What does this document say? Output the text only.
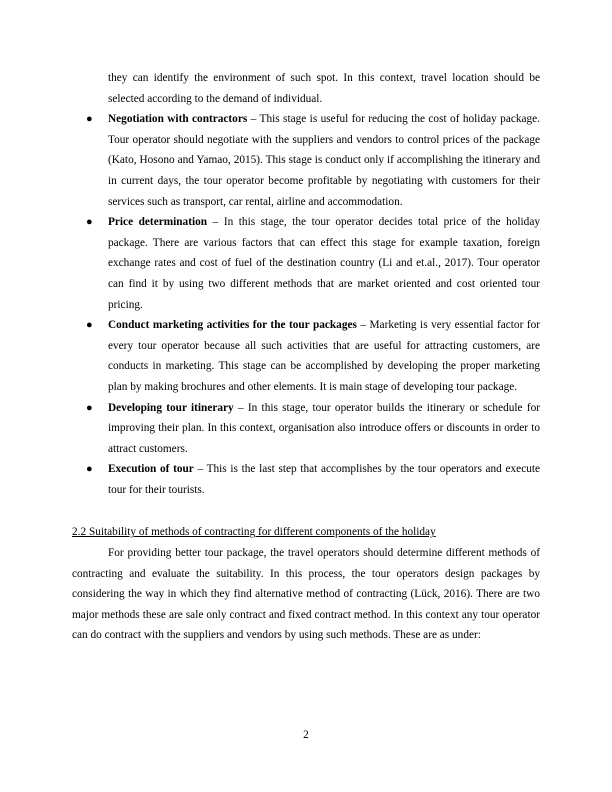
they can identify the environment of such spot. In this context, travel location should be selected according to the demand of individual.

● Negotiation with contractors – This stage is useful for reducing the cost of holiday package. Tour operator should negotiate with the suppliers and vendors to control prices of the package (Kato, Hosono and Yamao, 2015). This stage is conduct only if accomplishing the itinerary and in current days, the tour operator become profitable by negotiating with customers for their services such as transport, car rental, airline and accommodation.
● Price determination – In this stage, the tour operator decides total price of the holiday package. There are various factors that can effect this stage for example taxation, foreign exchange rates and cost of fuel of the destination country (Li and et.al., 2017). Tour operator can find it by using two different methods that are market oriented and cost oriented tour pricing.
● Conduct marketing activities for the tour packages – Marketing is very essential factor for every tour operator because all such activities that are useful for attracting customers, are conducts in marketing. This stage can be accomplished by developing the proper marketing plan by making brochures and other elements. It is main stage of developing tour package.
● Developing tour itinerary – In this stage, tour operator builds the itinerary or schedule for improving their plan. In this context, organisation also introduce offers or discounts in order to attract customers.
● Execution of tour – This is the last step that accomplishes by the tour operators and execute tour for their tourists.
2.2 Suitability of methods of contracting for different components of the holiday

For providing better tour package, the travel operators should determine different methods of contracting and evaluate the suitability. In this process, the tour operators design packages by considering the way in which they find alternative method of contracting (Lück, 2016). There are two major methods these are sale only contract and fixed contract method. In this context any tour operator can do contract with the suppliers and vendors by using such methods. These are as under:

2
